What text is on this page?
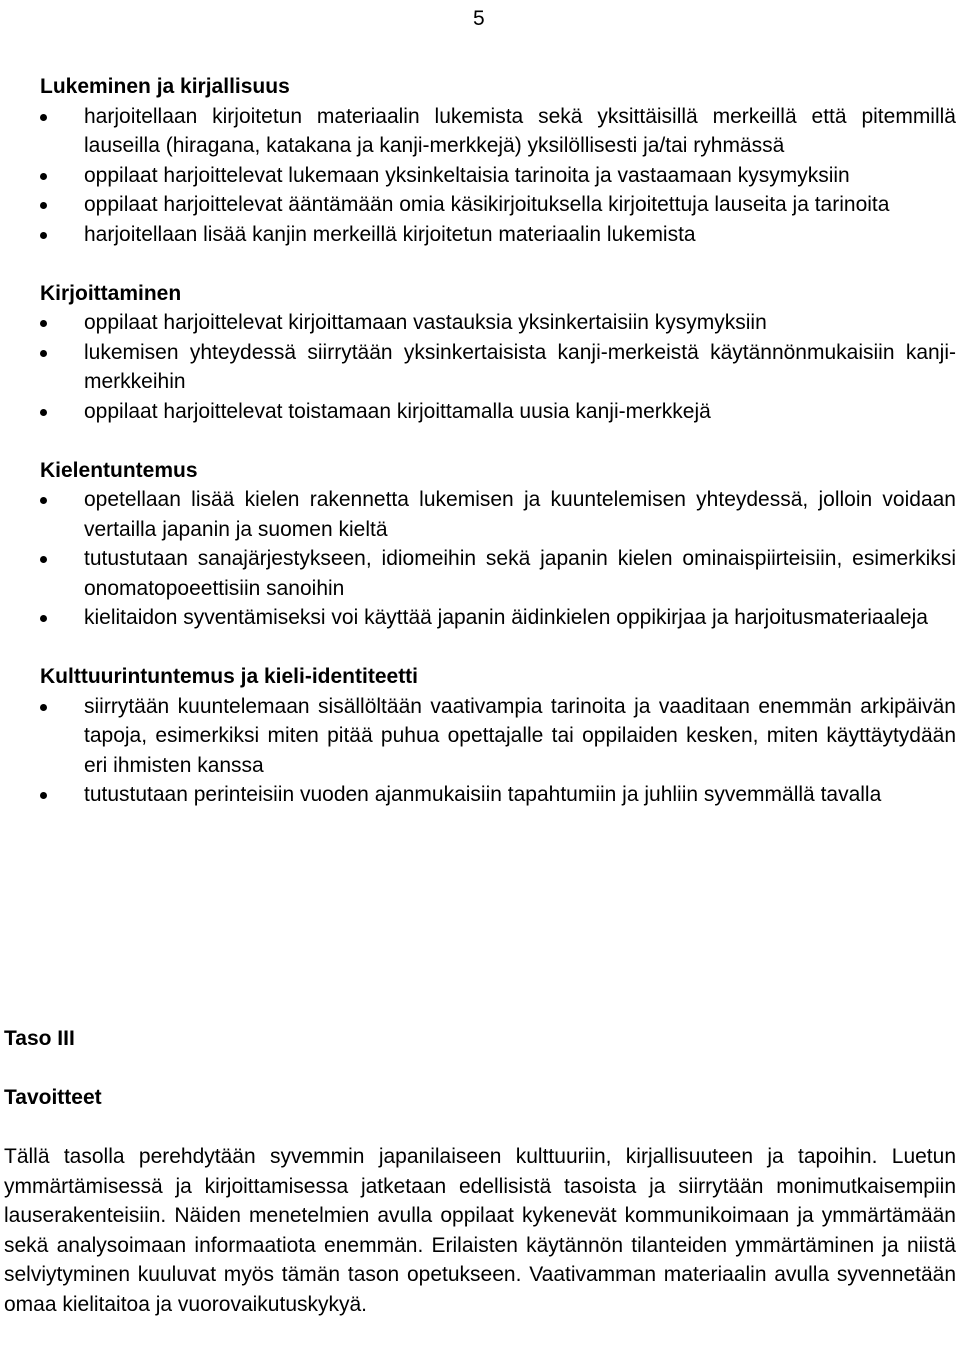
5
Lukeminen ja kirjallisuus
harjoitellaan kirjoitetun materiaalin lukemista sekä yksittäisillä merkeillä että pitemmillä lauseilla (hiragana, katakana ja kanji-merkkejä) yksilöllisesti ja/tai ryhmässä
oppilaat harjoittelevat lukemaan yksinkeltaisia tarinoita ja vastaamaan kysymyksiin
oppilaat harjoittelevat ääntämään omia käsikirjoituksella kirjoitettuja lauseita ja tarinoita
harjoitellaan lisää kanjin merkeillä kirjoitetun materiaalin lukemista
Kirjoittaminen
oppilaat harjoittelevat kirjoittamaan vastauksia yksinkertaisiin kysymyksiin
lukemisen yhteydessä siirrytään yksinkertaisista kanji-merkeistä käytännönmukaisiin kanji-merkkeihin
oppilaat harjoittelevat toistamaan kirjoittamalla uusia kanji-merkkejä
Kielentuntemus
opetellaan lisää kielen rakennetta lukemisen ja kuuntelemisen yhteydessä, jolloin voidaan vertailla japanin ja suomen kieltä
tutustutaan sanajärjestykseen, idiomeihin sekä japanin kielen ominaispiirteisiin, esimerkiksi onomatopoeettisiin sanoihin
kielitaidon syventämiseksi voi käyttää japanin äidinkielen oppikirjaa ja harjoitusmateriaaleja
Kulttuurintuntemus ja kieli-identiteetti
siirrytään kuuntelemaan sisällöltään vaativampia tarinoita ja vaaditaan enemmän arkipäivän tapoja, esimerkiksi miten pitää puhua opettajalle tai oppilaiden kesken, miten käyttäytydään eri ihmisten kanssa
tutustutaan perinteisiin vuoden ajanmukaisiin tapahtumiin ja juhliin syvemmällä tavalla
Taso III
Tavoitteet

Tällä tasolla perehdytään syvemmin japanilaiseen kulttuuriin, kirjallisuuteen ja tapoihin. Luetun ymmärtämisessä ja kirjoittamisessa jatketaan edellisistä tasoista ja siirrytään monimutkaisempiin lauserakenteisiin. Näiden menetelmien avulla oppilaat kykenevät kommunikoimaan ja ymmärtämään sekä analysoimaan informaatiota enemmän. Erilaisten käytännön tilanteiden ymmärtäminen ja niistä selviytyminen kuuluvat myös tämän tason opetukseen. Vaativamman materiaalin avulla syvennetään omaa kielitaitoa ja vuorovaikutuskykyä.
